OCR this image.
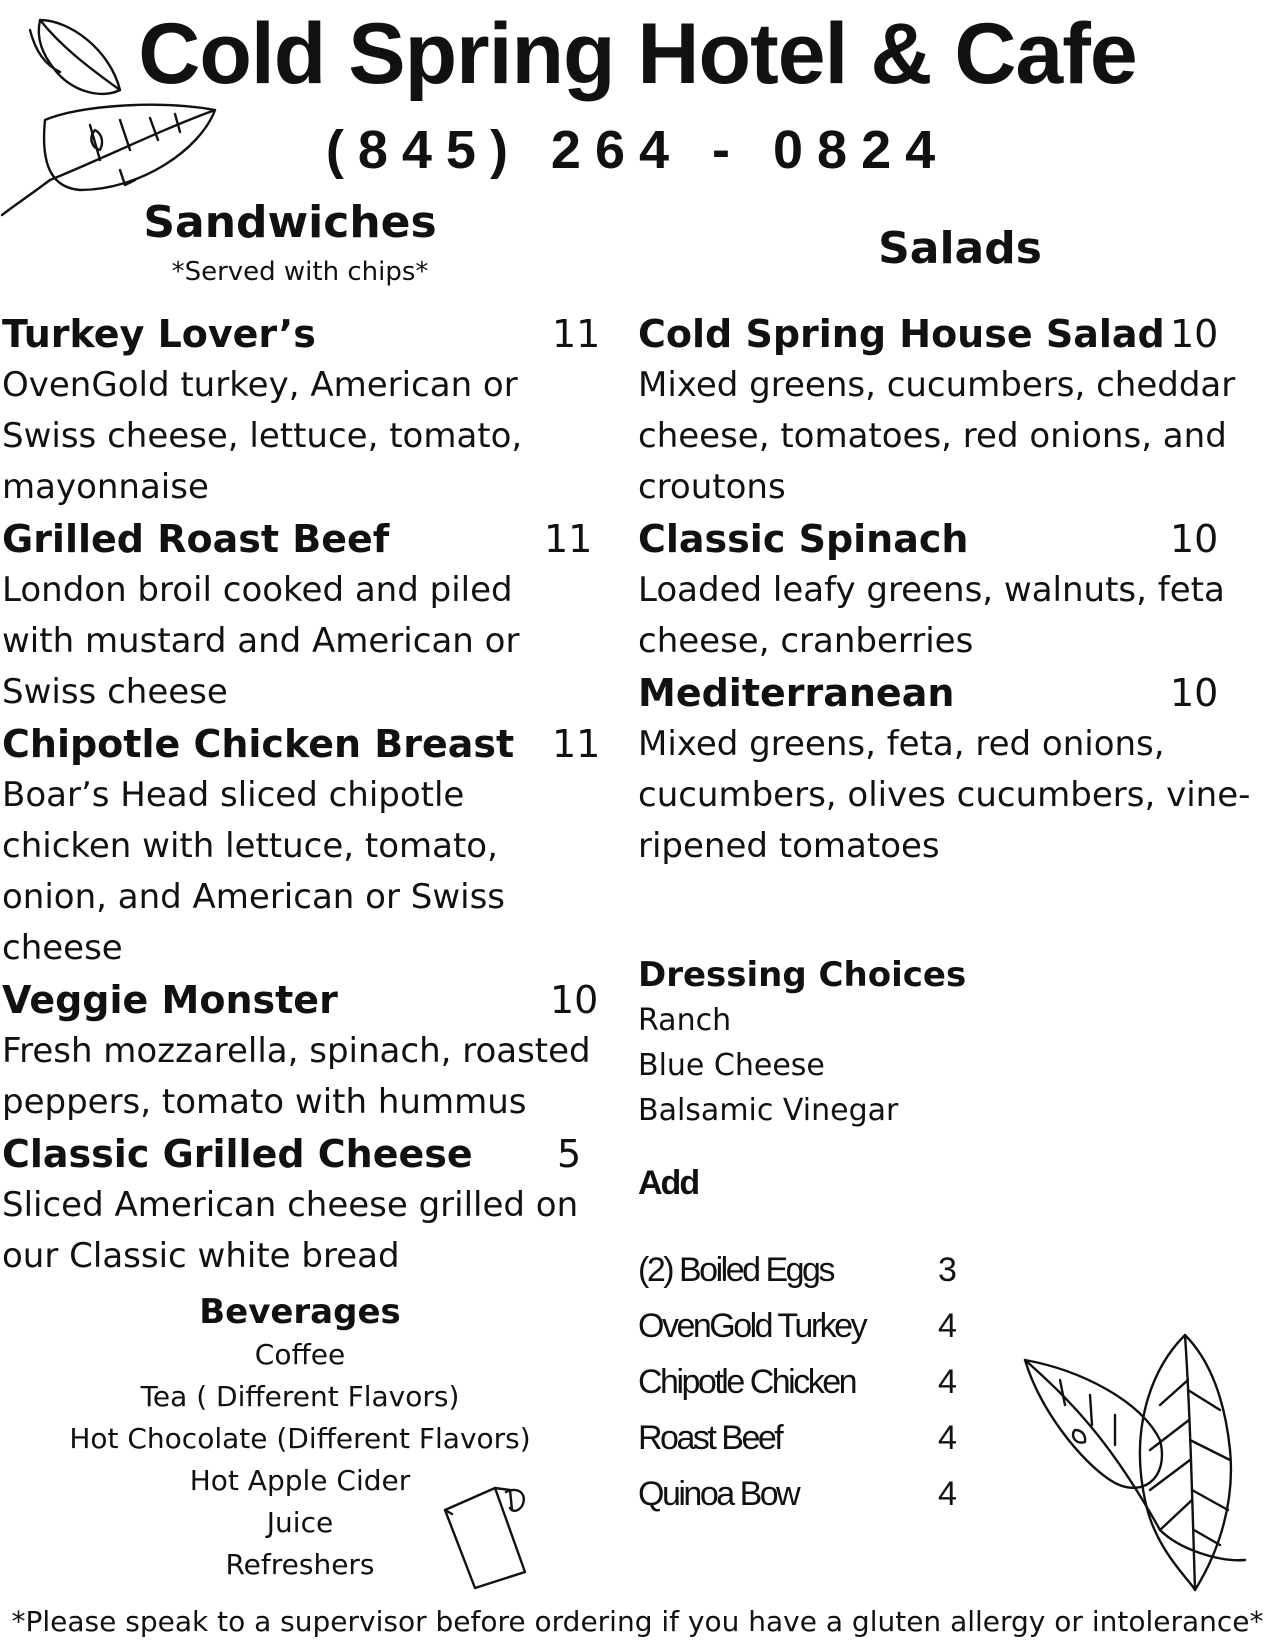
Cold Spring Hotel & Cafe
(845) 264 - 0824
Sandwiches
*Served with chips*
Turkey Lover’s	11
OvenGold turkey, American or Swiss cheese, lettuce, tomato, mayonnaise
Grilled Roast Beef	11
London broil cooked and piled with mustard and American or Swiss cheese
Chipotle Chicken Breast 11
Boar’s Head sliced chipotle chicken with lettuce, tomato, onion, and American or Swiss cheese
Veggie Monster	10
Fresh mozzarella, spinach, roasted peppers, tomato with hummus
Classic Grilled Cheese	5
Sliced American cheese grilled on our Classic white bread
Beverages
Coffee
Tea ( Different Flavors)
Hot Chocolate (Different Flavors)
Hot Apple Cider
Juice
Refreshers
Salads
Cold Spring House Salad 10
Mixed greens, cucumbers, cheddar cheese, tomatoes, red onions, and croutons
Classic Spinach	10
Loaded leafy greens, walnuts, feta cheese, cranberries
Mediterranean	10
Mixed greens, feta, red onions, cucumbers, olives cucumbers, vine-ripened tomatoes
Dressing Choices
Ranch
Blue Cheese
Balsamic Vinegar
Add
(2) Boiled Eggs	3
OvenGold Turkey 4
Chipotle Chicken 4
Roast Beef	4
Quinoa Bow	4
*Please speak to a supervisor before ordering if you have a gluten allergy or intolerance*
